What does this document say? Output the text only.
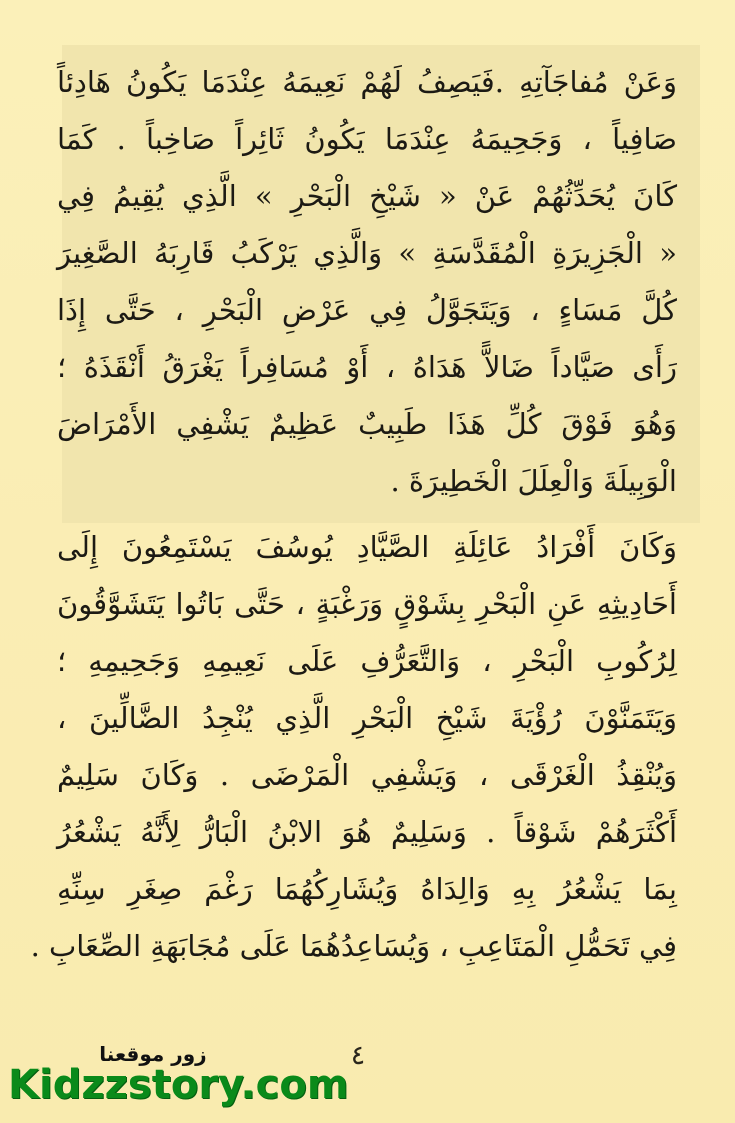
وَعَنْ مُفاجَآتِهِ .فَيَصِفُ لَهُمْ نَعِيمَهُ عِنْدَمَا يَكُونُ هَادِئاً
صَافِياً ، وَجَحِيمَهُ عِنْدَمَا يَكُونُ ثَائِراً صَاخِباً . كَمَا
كَانَ يُحَدِّثُهُمْ عَنْ « شَيْخِ الْبَحْرِ » الَّذِي يُقِيمُ فِي
« الْجَزِيرَةِ الْمُقَدَّسَةِ » وَالَّذِي يَرْكَبُ قَارِبَهُ الصَّغِيرَ
كُلَّ مَسَاءٍ ، وَيَتَجَوَّلُ فِي عَرْضِ الْبَحْرِ ، حَتَّى إِذَا
رَأَى صَيَّاداً ضَالاًّ هَدَاهُ ، أَوْ مُسَافِراً يَغْرَقُ أَنْقَذَهُ ؛
وَهُوَ فَوْقَ كُلِّ هَذَا طَبِيبٌ عَظِيمٌ يَشْفِي الأَمْرَاضَ
الْوَبِيلَةَ وَالْعِلَلَ الْخَطِيرَةَ .
وَكَانَ أَفْرَادُ عَائِلَةِ الصَّيَّادِ يُوسُفَ يَسْتَمِعُونَ إِلَى
أَحَادِيثِهِ عَنِ الْبَحْرِ بِشَوْقٍ وَرَغْبَةٍ ، حَتَّى بَاتُوا يَتَشَوَّقُونَ
لِرُكُوبِ الْبَحْرِ ، وَالتَّعَرُّفِ عَلَى نَعِيمِهِ وَجَحِيمِهِ ؛
وَيَتَمَنَّوْنَ رُؤْيَةَ شَيْخِ الْبَحْرِ الَّذِي يُنْجِدُ الضَّالِّينَ ،
وَيُنْقِذُ الْغَرْقَى ، وَيَشْفِي الْمَرْضَى . وَكَانَ سَلِيمٌ
أَكْثَرَهُمْ شَوْقاً . وَسَلِيمٌ هُوَ الابْنُ الْبَارُّ لِأَنَّهُ يَشْعُرُ
بِمَا يَشْعُرُ بِهِ وَالِدَاهُ وَيُشَارِكُهُمَا رَغْمَ صِغَرِ سِنِّهِ
فِي تَحَمُّلِ الْمَتَاعِبِ ، وَيُسَاعِدُهُمَا عَلَى مُجَابَهَةِ الصِّعَابِ .
٤
زور موقعنا
Kidzzstory.com
